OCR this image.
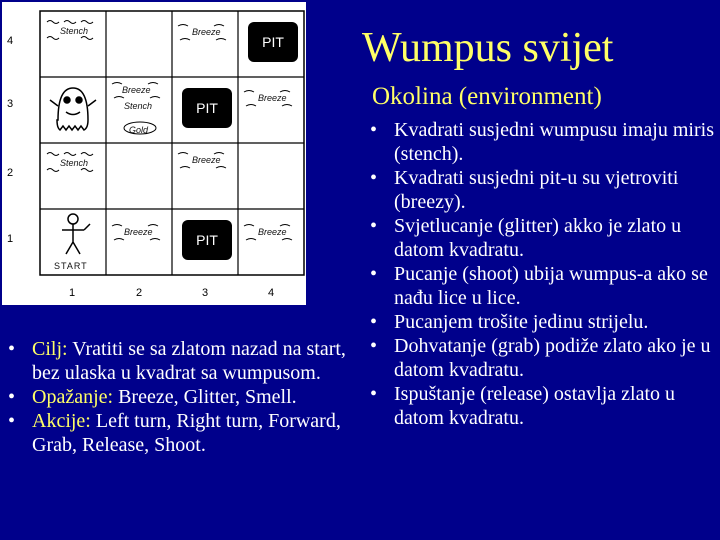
Wumpus svijet
Okolina (environment)
4
3
2
1
1	2	3	4
Stench	Breeze
Breeze
Stench
Gold
Breeze
Stench	Breeze
Breeze	Breeze
START
PIT
PIT
PIT
• Kvadrati susjedni wumpusu imaju miris (stench).
• Kvadrati susjedni pit-u su vjetroviti (breezy).
• Svjetlucanje (glitter) akko je zlato u datom kvadratu.
• Pucanje (shoot) ubija wumpus-a ako se nađu lice u lice.
• Pucanjem trošite jedinu strijelu.
• Dohvatanje (grab) podiže zlato ako je u datom kvadratu.
• Ispuštanje (release) ostavlja zlato u datom kvadratu.
• Cilj: Vratiti se sa zlatom nazad na start, bez ulaska u kvadrat sa wumpusom.
• Opažanje: Breeze, Glitter, Smell.
• Akcije: Left turn, Right turn, Forward, Grab, Release, Shoot.
